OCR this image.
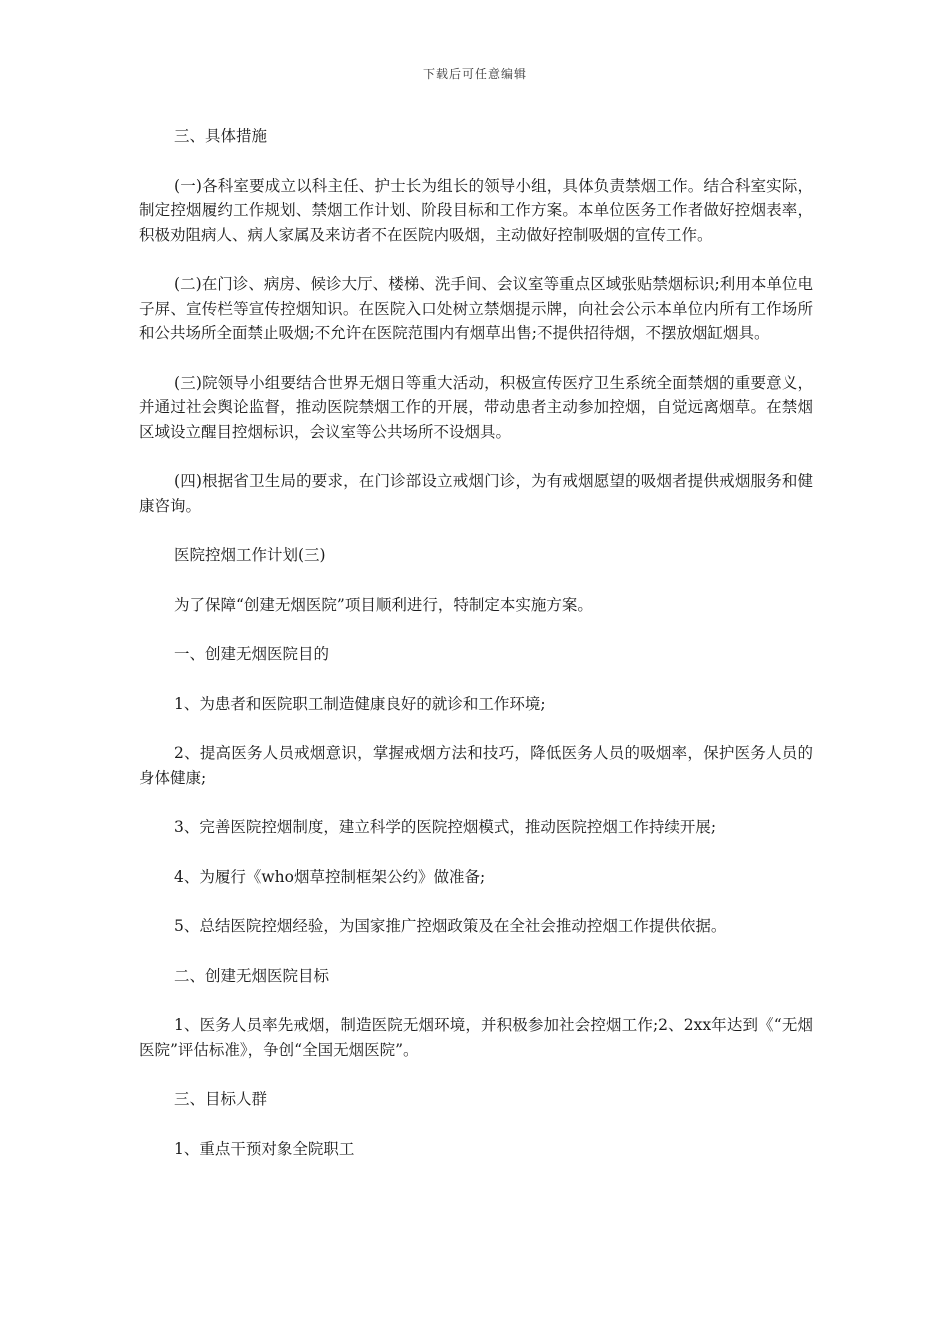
下载后可任意编辑

三、具体措施

(一)各科室要成立以科主任、护士长为组长的领导小组，具体负责禁烟工作。结合科室实际，制定控烟履约工作规划、禁烟工作计划、阶段目标和工作方案。本单位医务工作者做好控烟表率，积极劝阻病人、病人家属及来访者不在医院内吸烟，主动做好控制吸烟的宣传工作。

(二)在门诊、病房、候诊大厅、楼梯、洗手间、会议室等重点区域张贴禁烟标识;利用本单位电子屏、宣传栏等宣传控烟知识。在医院入口处树立禁烟提示牌，向社会公示本单位内所有工作场所和公共场所全面禁止吸烟;不允许在医院范围内有烟草出售;不提供招待烟，不摆放烟缸烟具。

(三)院领导小组要结合世界无烟日等重大活动，积极宣传医疗卫生系统全面禁烟的重要意义，并通过社会舆论监督，推动医院禁烟工作的开展，带动患者主动参加控烟，自觉远离烟草。在禁烟区域设立醒目控烟标识，会议室等公共场所不设烟具。

(四)根据省卫生局的要求，在门诊部设立戒烟门诊，为有戒烟愿望的吸烟者提供戒烟服务和健康咨询。

医院控烟工作计划(三)

为了保障“创建无烟医院”项目顺利进行，特制定本实施方案。

一、创建无烟医院目的

1、为患者和医院职工制造健康良好的就诊和工作环境;

2、提高医务人员戒烟意识，掌握戒烟方法和技巧，降低医务人员的吸烟率，保护医务人员的身体健康;

3、完善医院控烟制度，建立科学的医院控烟模式，推动医院控烟工作持续开展;

4、为履行《who烟草控制框架公约》做准备;

5、总结医院控烟经验，为国家推广控烟政策及在全社会推动控烟工作提供依据。

二、创建无烟医院目标

1、医务人员率先戒烟，制造医院无烟环境，并积极参加社会控烟工作;2、2xx年达到《“无烟医院”评估标准》，争创“全国无烟医院”。

三、目标人群

1、重点干预对象全院职工
